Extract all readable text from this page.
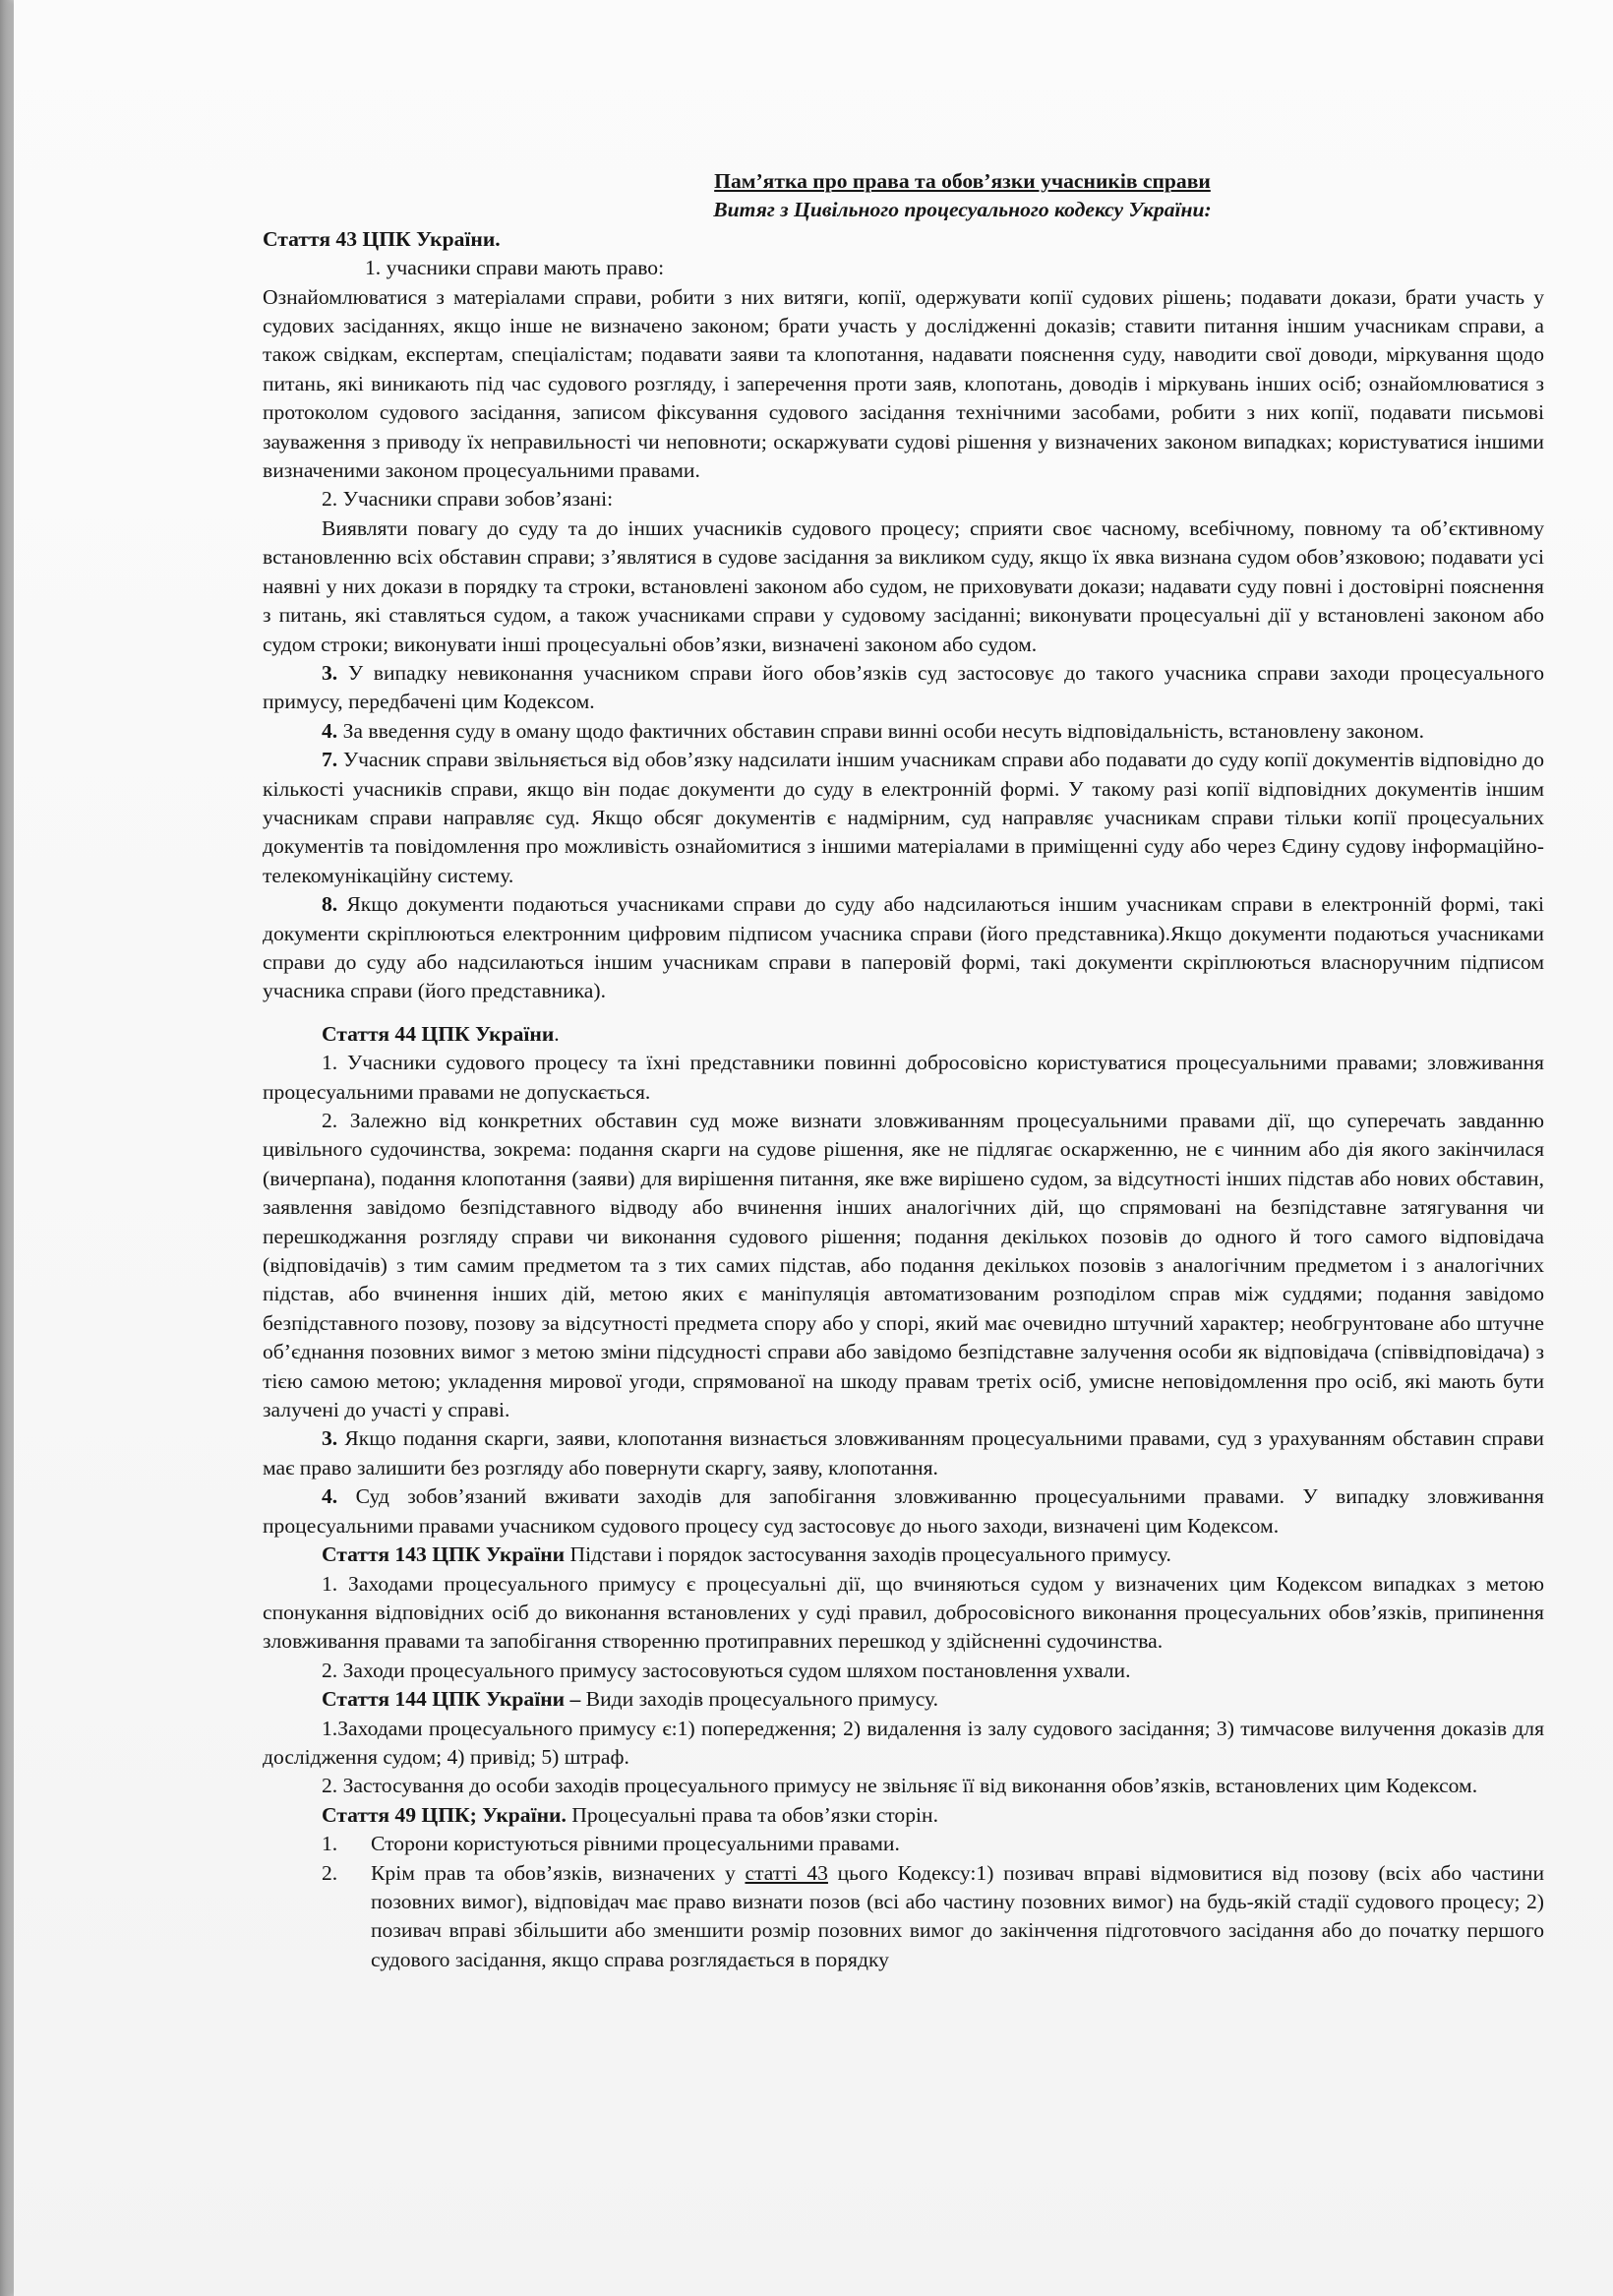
Пам’ятка про права та обов’язки учасників справи

Витяг з Цивільного процесуального кодексу України:

Стаття 43 ЦПК України.

1. учасники справи мають право:

Ознайомлюватися з матеріалами справи, робити з них витяги, копії, одержувати копії судових рішень; подавати докази, брати участь у судових засіданнях, якщо інше не визначено законом; брати участь у дослідженні доказів; ставити питання іншим учасникам справи, а також свідкам, експертам, спеціалістам; подавати заяви та клопотання, надавати пояснення суду, наводити свої доводи, міркування щодо питань, які виникають під час судового розгляду, і заперечення проти заяв, клопотань, доводів і міркувань інших осіб; ознайомлюватися з протоколом судового засідання, записом фіксування судового засідання технічними засобами, робити з них копії, подавати письмові зауваження з приводу їх неправильності чи неповноти; оскаржувати судові рішення у визначених законом випадках; користуватися іншими визначеними законом процесуальними правами.

2. Учасники справи зобов’язані:

Виявляти повагу до суду та до інших учасників судового процесу; сприяти своє часному, всебічному, повному та об’єктивному встановленню всіх обставин справи; з’являтися в судове засідання за викликом суду, якщо їх явка визнана судом обов’язковою; подавати усі наявні у них докази в порядку та строки, встановлені законом або судом, не приховувати докази; надавати суду повні і достовірні пояснення з питань, які ставляться судом, а також учасниками справи у судовому засіданні; виконувати процесуальні дії у встановлені законом або судом строки; виконувати інші процесуальні обов’язки, визначені законом або судом.

3. У випадку невиконання учасником справи його обов’язків суд застосовує до такого учасника справи заходи процесуального примусу, передбачені цим Кодексом.

4. За введення суду в оману щодо фактичних обставин справи винні особи несуть відповідальність, встановлену законом.

7. Учасник справи звільняється від обов’язку надсилати іншим учасникам справи або подавати до суду копії документів відповідно до кількості учасників справи, якщо він подає документи до суду в електронній формі. У такому разі копії відповідних документів іншим учасникам справи направляє суд. Якщо обсяг документів є надмірним, суд направляє учасникам справи тільки копії процесуальних документів та повідомлення про можливість ознайомитися з іншими матеріалами в приміщенні суду або через Єдину судову інформаційно-телекомунікаційну систему.

8. Якщо документи подаються учасниками справи до суду або надсилаються іншим учасникам справи в електронній формі, такі документи скріплюються електронним цифровим підписом учасника справи (його представника).Якщо документи подаються учасниками справи до суду або надсилаються іншим учасникам справи в паперовій формі, такі документи скріплюються власноручним підписом учасника справи (його представника).

Стаття 44 ЦПК України.

1. Учасники судового процесу та їхні представники повинні добросовісно користуватися процесуальними правами; зловживання процесуальними правами не допускається.

2. Залежно від конкретних обставин суд може визнати зловживанням процесуальними правами дії, що суперечать завданню цивільного судочинства, зокрема: подання скарги на судове рішення, яке не підлягає оскарженню, не є чинним або дія якого закінчилася (вичерпана), подання клопотання (заяви) для вирішення питання, яке вже вирішено судом, за відсутності інших підстав або нових обставин, заявлення завідомо безпідставного відводу або вчинення інших аналогічних дій, що спрямовані на безпідставне затягування чи перешкоджання розгляду справи чи виконання судового рішення; подання декількох позовів до одного й того самого відповідача (відповідачів) з тим самим предметом та з тих самих підстав, або подання декількох позовів з аналогічним предметом і з аналогічних підстав, або вчинення інших дій, метою яких є маніпуляція автоматизованим розподілом справ між суддями; подання завідомо безпідставного позову, позову за відсутності предмета спору або у спорі, який має очевидно штучний характер; необгрунтоване або штучне об’єднання позовних вимог з метою зміни підсудності справи або завідомо безпідставне залучення особи як відповідача (співвідповідача) з тією самою метою; укладення мирової угоди, спрямованої на шкоду правам третіх осіб, умисне неповідомлення про осіб, які мають бути залучені до участі у справі.

3. Якщо подання скарги, заяви, клопотання визнається зловживанням процесуальними правами, суд з урахуванням обставин справи має право залишити без розгляду або повернути скаргу, заяву, клопотання.

4. Суд зобов’язаний вживати заходів для запобігання зловживанню процесуальними правами. У випадку зловживання процесуальними правами учасником судового процесу суд застосовує до нього заходи, визначені цим Кодексом.

Стаття 143 ЦПК України Підстави і порядок застосування заходів процесуального примусу.

1. Заходами процесуального примусу є процесуальні дії, що вчиняються судом у визначених цим Кодексом випадках з метою спонукання відповідних осіб до виконання встановлених у суді правил, добросовісного виконання процесуальних обов’язків, припинення зловживання правами та запобігання створенню протиправних перешкод у здійсненні судочинства.

2. Заходи процесуального примусу застосовуються судом шляхом постановлення ухвали.

Стаття 144 ЦПК України – Види заходів процесуального примусу.

1.Заходами процесуального примусу є:1) попередження; 2) видалення із залу судового засідання; 3) тимчасове вилучення доказів для дослідження судом; 4) привід; 5) штраф.

2. Застосування до особи заходів процесуального примусу не звільняє її від виконання обов’язків, встановлених цим Кодексом.

Стаття 49 ЦПК; України. Процесуальні права та обов’язки сторін.

1.	Сторони користуються рівними процесуальними правами.
2.	Крім прав та обов’язків, визначених у статті 43 цього Кодексу:1) позивач вправі відмовитися від позову (всіх або частини позовних вимог), відповідач має право визнати позов (всі або частину позовних вимог) на будь-якій стадії судового процесу; 2) позивач вправі збільшити або зменшити розмір позовних вимог до закінчення підготовчого засідання або до початку першого судового засідання, якщо справа розглядається в порядку
